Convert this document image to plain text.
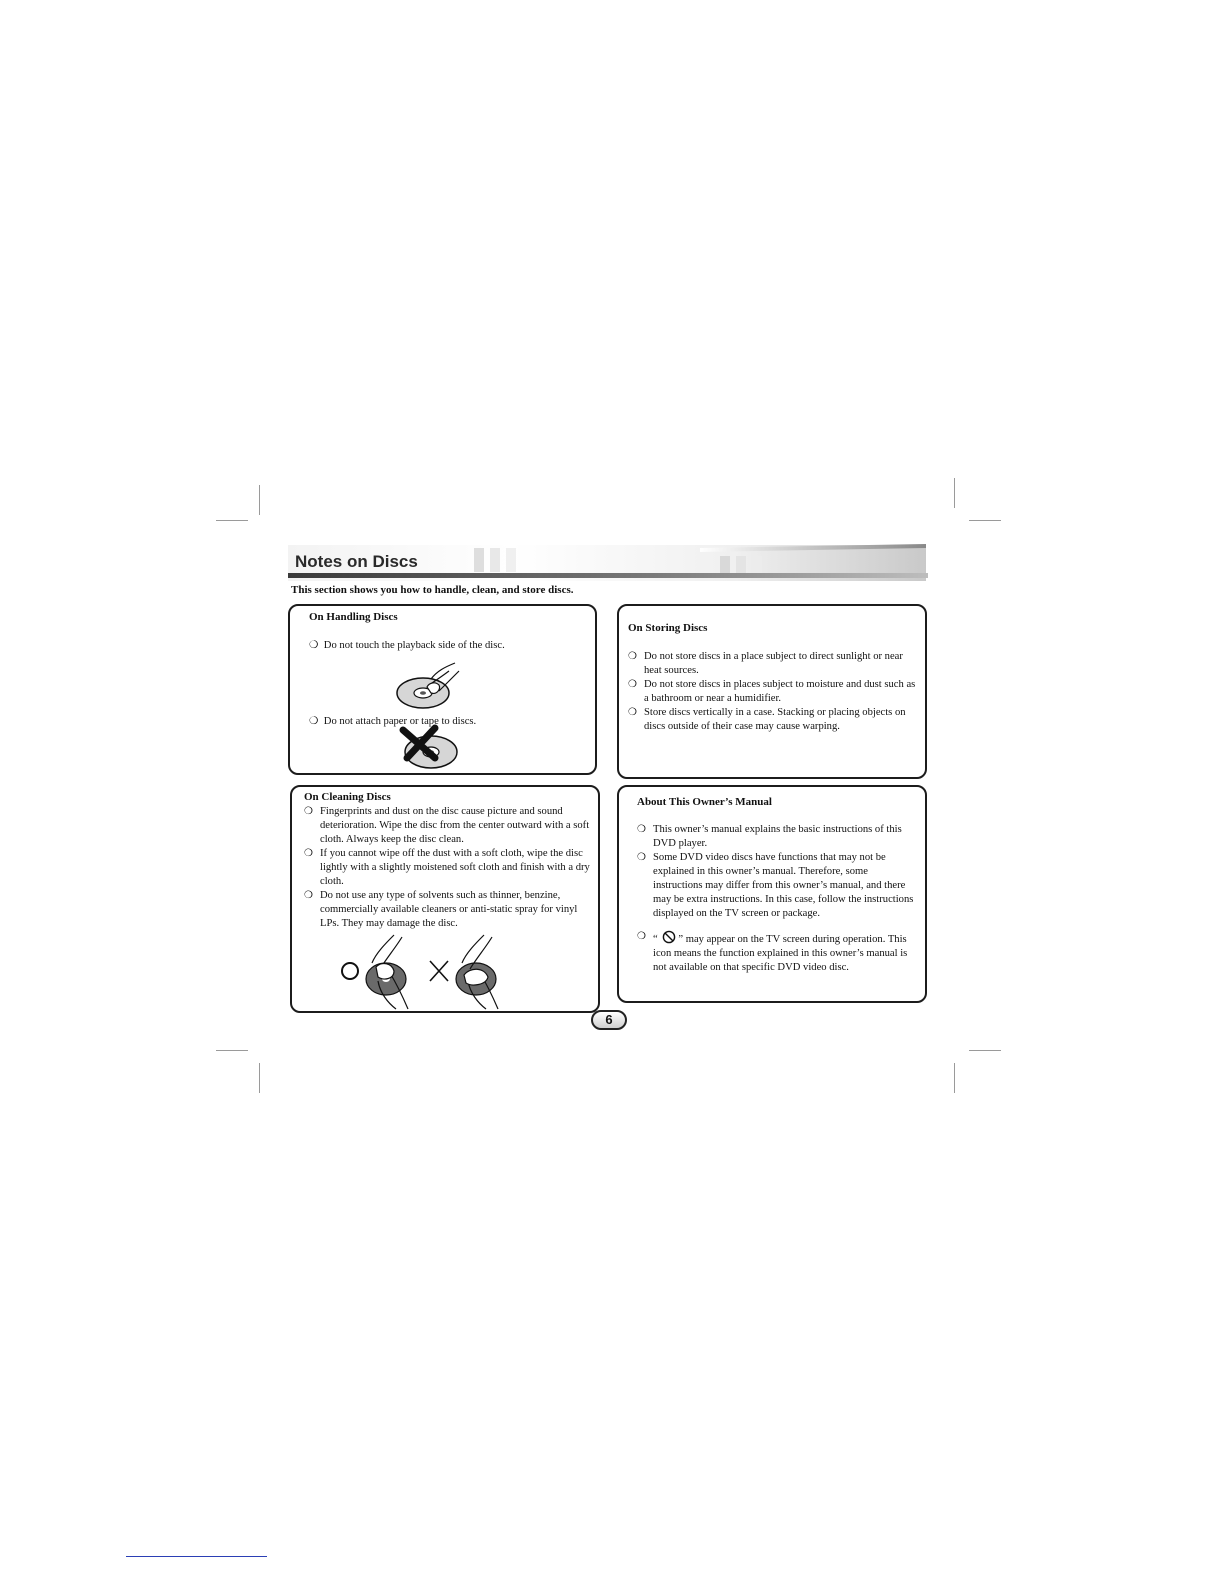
Notes on Discs

This section shows you how to handle, clean, and store discs.

On Handling Discs

❍ Do not touch the playback side of the disc.

❍ Do not attach paper or tape to discs.

On Storing Discs

❍ Do not store discs in a place subject to direct sunlight or near heat sources.
❍ Do not store discs in places subject to moisture and dust such as a bathroom or near a humidifier.
❍ Store discs vertically in a case. Stacking or placing objects on discs outside of their case may cause warping.

On Cleaning Discs

❍ Fingerprints and dust on the disc cause picture and sound deterioration. Wipe the disc from the center outward with a soft cloth. Always keep the disc clean.
❍ If you cannot wipe off the dust with a soft cloth, wipe the disc lightly with a slightly moistened soft cloth and finish with a dry cloth.
❍ Do not use any type of solvents such as thinner, benzine, commercially available cleaners or anti-static spray for vinyl LPs. They may damage the disc.

About This Owner’s Manual

❍ This owner’s manual explains the basic instructions of this DVD player.
❍ Some DVD video discs have functions that may not be explained in this owner’s manual. Therefore, some instructions may differ from this owner’s manual, and there may be extra instructions. In this case, follow the instructions displayed on the TV screen or package.
❍ “ ” may appear on the TV screen during operation. This icon means the function explained in this owner’s manual is not available on that specific DVD video disc.
6
